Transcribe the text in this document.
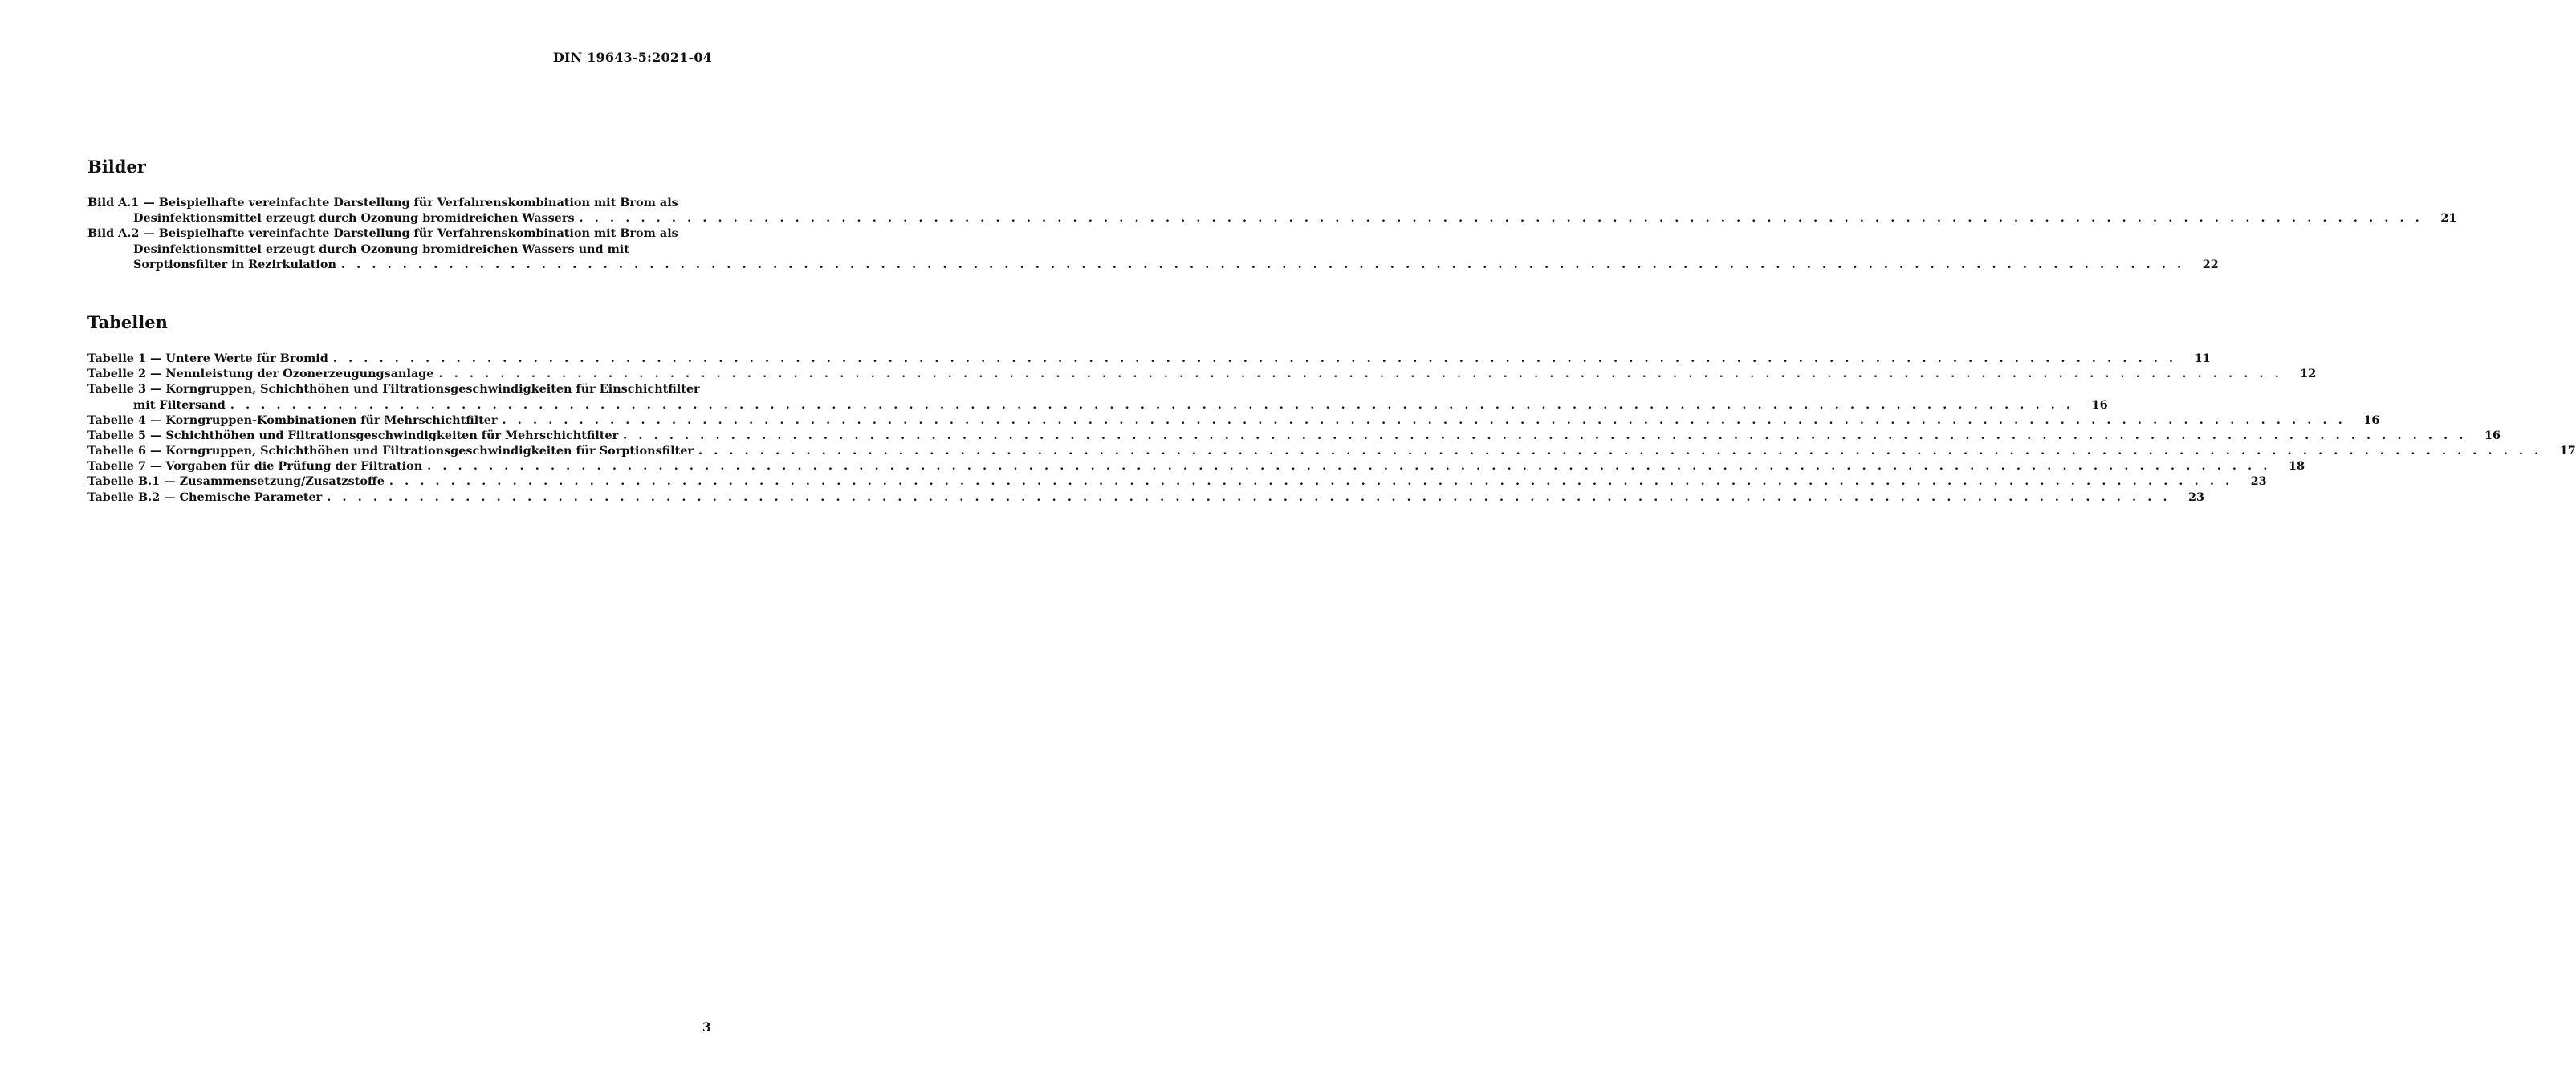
DIN 19643-5:2021-04
Bilder
Bild A.1 — Beispielhafte vereinfachte Darstellung für Verfahrenskombination mit Brom als
Desinfektionsmittel erzeugt durch Ozonung bromidreichen Wassers . . . . . . . . . . . . . . . . . . . . . . . . . . . . . . . . . . . . . . . . . . . . . . . . . . . . . . . . . . . . . . . . . . . . . . . . . . . . . . . . . . . . . . . . . . . . . . . . . . . . . . . . . . . . . . . . . . . . . . . . 21
Bild A.2 — Beispielhafte vereinfachte Darstellung für Verfahrenskombination mit Brom als
Desinfektionsmittel erzeugt durch Ozonung bromidreichen Wassers und mit
Sorptionsfilter in Rezirkulation . . . . . . . . . . . . . . . . . . . . . . . . . . . . . . . . . . . . . . . . . . . . . . . . . . . . . . . . . . . . . . . . . . . . . . . . . . . . . . . . . . . . . . . . . . . . . . . . . . . . . . . . . . . . . . . . . . . . . . . . 22
Tabellen
Tabelle 1 — Untere Werte für Bromid . . . . . . . . . . . . . . . . . . . . . . . . . . . . . . . . . . . . . . . . . . . . . . . . . . . . . . . . . . . . . . . . . . . . . . . . . . . . . . . . . . . . . . . . . . . . . . . . . . . . . . . . . . . . . . . . . . . . . . . . 11
Tabelle 2 — Nennleistung der Ozonerzeugungsanlage . . . . . . . . . . . . . . . . . . . . . . . . . . . . . . . . . . . . . . . . . . . . . . . . . . . . . . . . . . . . . . . . . . . . . . . . . . . . . . . . . . . . . . . . . . . . . . . . . . . . . . . . . . . . . . . . . . . . . . . . 12
Tabelle 3 — Korngruppen, Schichthöhen und Filtrationsgeschwindigkeiten für Einschichtfilter
mit Filtersand . . . . . . . . . . . . . . . . . . . . . . . . . . . . . . . . . . . . . . . . . . . . . . . . . . . . . . . . . . . . . . . . . . . . . . . . . . . . . . . . . . . . . . . . . . . . . . . . . . . . . . . . . . . . . . . . . . . . . . . . 16
Tabelle 4 — Korngruppen-Kombinationen für Mehrschichtfilter . . . . . . . . . . . . . . . . . . . . . . . . . . . . . . . . . . . . . . . . . . . . . . . . . . . . . . . . . . . . . . . . . . . . . . . . . . . . . . . . . . . . . . . . . . . . . . . . . . . . . . . . . . . . . . . . . . . . . . . . 16
Tabelle 5 — Schichthöhen und Filtrationsgeschwindigkeiten für Mehrschichtfilter . . . . . . . . . . . . . . . . . . . . . . . . . . . . . . . . . . . . . . . . . . . . . . . . . . . . . . . . . . . . . . . . . . . . . . . . . . . . . . . . . . . . . . . . . . . . . . . . . . . . . . . . . . . . . . . . . . . . . . . . 16
Tabelle 6 — Korngruppen, Schichthöhen und Filtrationsgeschwindigkeiten für Sorptionsfilter . . . . . . . . . . . . . . . . . . . . . . . . . . . . . . . . . . . . . . . . . . . . . . . . . . . . . . . . . . . . . . . . . . . . . . . . . . . . . . . . . . . . . . . . . . . . . . . . . . . . . . . . . . . . . . . . . . . . . . . . 17
Tabelle 7 — Vorgaben für die Prüfung der Filtration . . . . . . . . . . . . . . . . . . . . . . . . . . . . . . . . . . . . . . . . . . . . . . . . . . . . . . . . . . . . . . . . . . . . . . . . . . . . . . . . . . . . . . . . . . . . . . . . . . . . . . . . . . . . . . . . . . . . . . . . 18
Tabelle B.1 — Zusammensetzung/Zusatzstoffe . . . . . . . . . . . . . . . . . . . . . . . . . . . . . . . . . . . . . . . . . . . . . . . . . . . . . . . . . . . . . . . . . . . . . . . . . . . . . . . . . . . . . . . . . . . . . . . . . . . . . . . . . . . . . . . . . . . . . . . . 23
Tabelle B.2 — Chemische Parameter . . . . . . . . . . . . . . . . . . . . . . . . . . . . . . . . . . . . . . . . . . . . . . . . . . . . . . . . . . . . . . . . . . . . . . . . . . . . . . . . . . . . . . . . . . . . . . . . . . . . . . . . . . . . . . . . . . . . . . . . 23
3
